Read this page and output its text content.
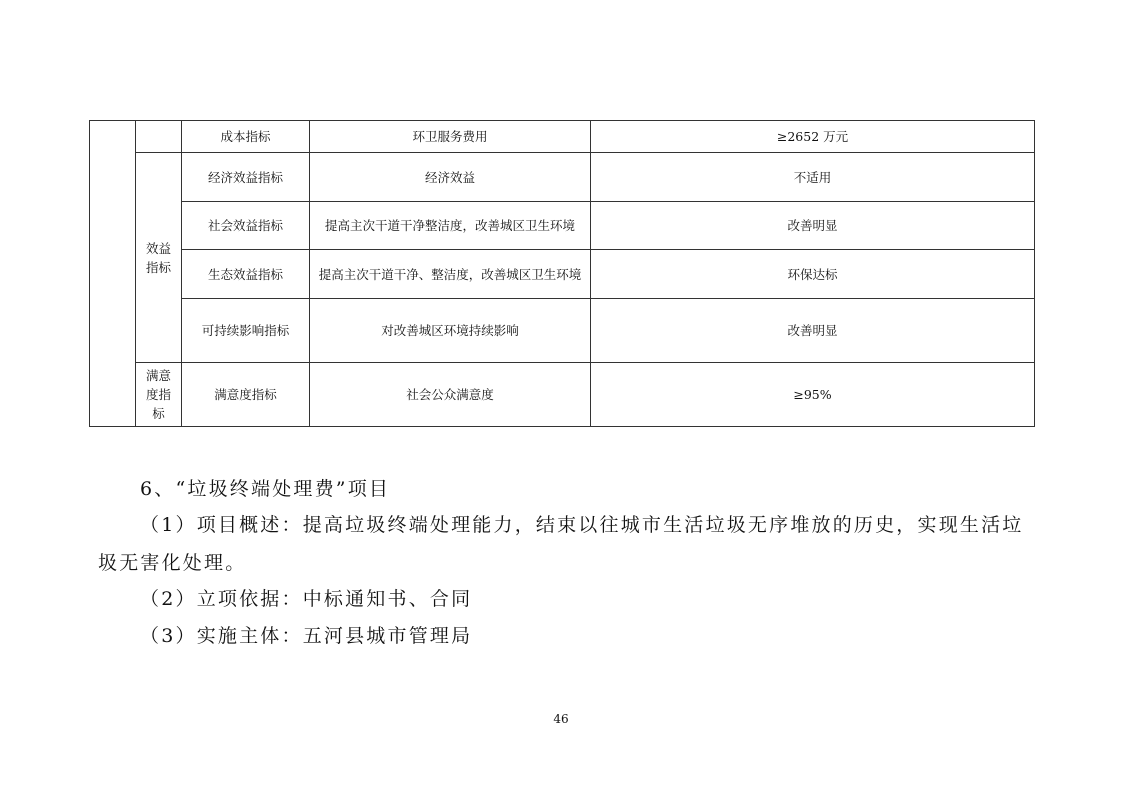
		成本指标	环卫服务费用	≥2652 万元
	效益指标	经济效益指标	经济效益	不适用
		社会效益指标	提高主次干道干净整洁度，改善城区卫生环境	改善明显
		生态效益指标	提高主次干道干净、整洁度，改善城区卫生环境	环保达标
		可持续影响指标	对改善城区环境持续影响	改善明显
	满意度指标	满意度指标	社会公众满意度	≥95%

6、“垃圾终端处理费”项目

（1）项目概述：提高垃圾终端处理能力，结束以往城市生活垃圾无序堆放的历史，实现生活垃圾无害化处理。

（2）立项依据：中标通知书、合同

（3）实施主体：五河县城市管理局

46
